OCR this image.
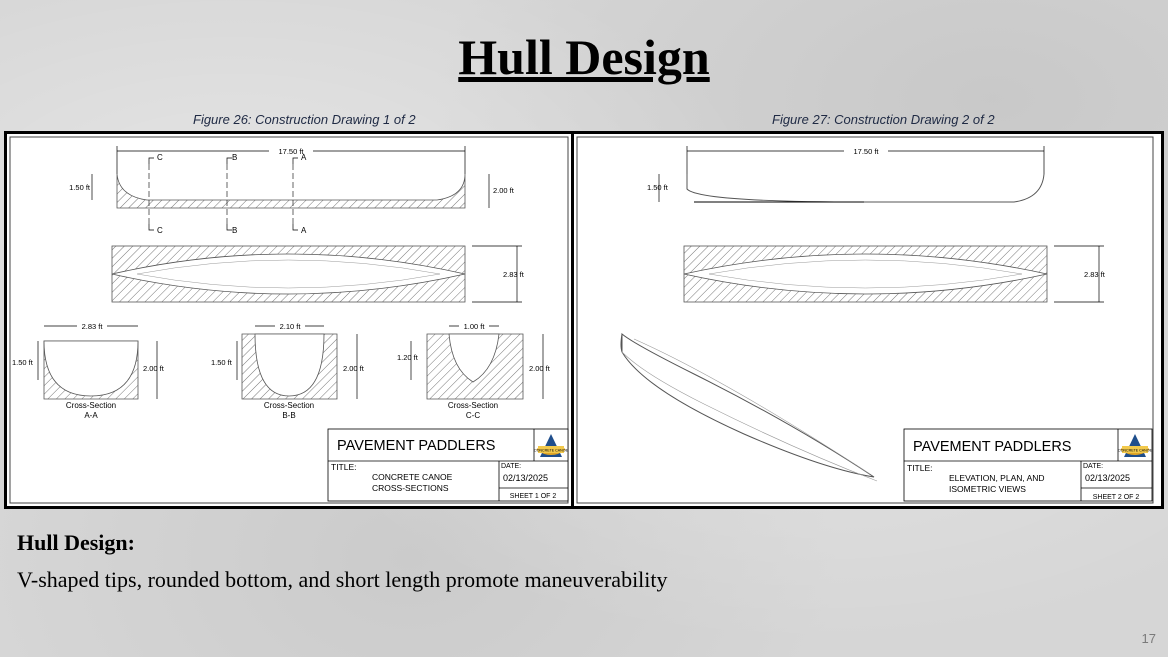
Hull Design
Figure 26: Construction Drawing 1 of 2	Figure 27: Construction Drawing 2 of 2
17.50 ft
1.50 ft	2.00 ft
C
C
B
B
A
A
2.83 ft
2.83 ft
1.50 ft
2.00 ft
Cross-Section
A-A
2.10 ft
1.50 ft
2.00 ft
Cross-Section
B-B
1.00 ft
1.20 ft
2.00 ft
Cross-Section
C-C
PAVEMENT PADDLERS
TITLE:
CONCRETE CANOE
CROSS-SECTIONS
DATE:
02/13/2025
SHEET 1 OF 2
CONCRETE CANOE
17.50 ft
1.50 ft
2.83 ft
PAVEMENT PADDLERS
TITLE:
ELEVATION, PLAN, AND
ISOMETRIC VIEWS
DATE:
02/13/2025
SHEET 2 OF 2
CONCRETE CANOE

Hull Design:

V-shaped tips, rounded bottom, and short length promote maneuverability

17
